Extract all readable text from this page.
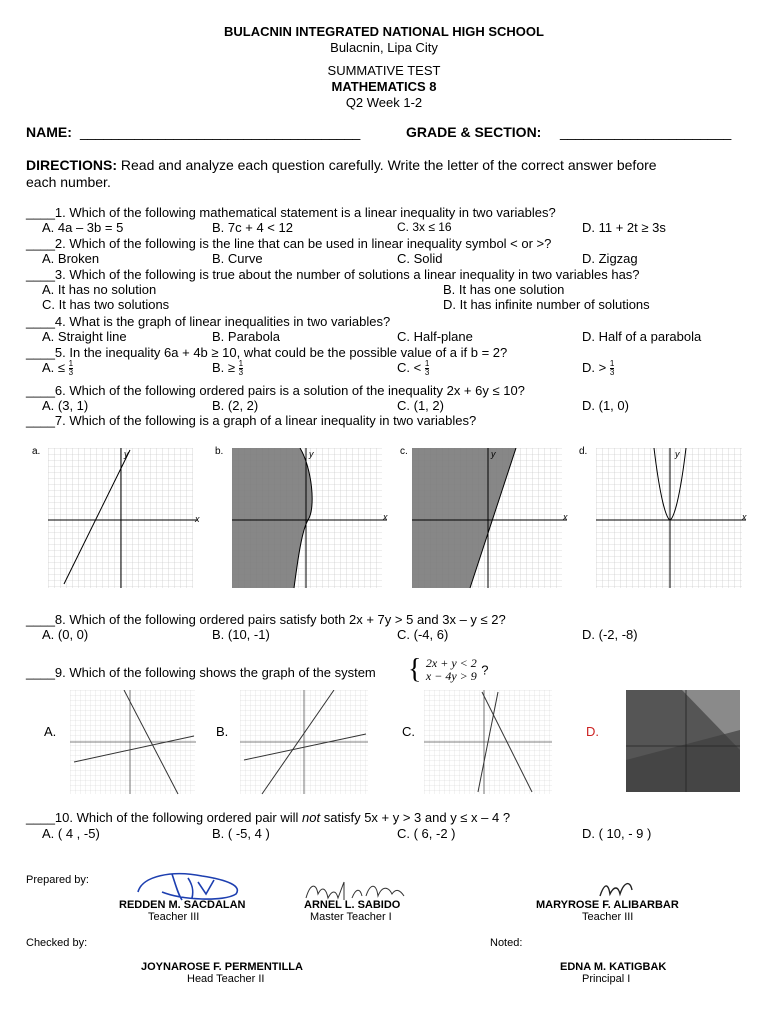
BULACNIN INTEGRATED NATIONAL HIGH SCHOOL
Bulacnin, Lipa City
SUMMATIVE TEST
MATHEMATICS 8
Q2 Week 1-2
NAME: ____________________________________	GRADE & SECTION: ______________________
DIRECTIONS: Read and analyze each question carefully. Write the letter of the correct answer before
each number.
____1. Which of the following mathematical statement is a linear inequality in two variables?
A. 4a – 3b = 5	B. 7c + 4 < 12	C. 3x ≤ 16	D. 11 + 2t ≥ 3s
____2. Which of the following is the line that can be used in linear inequality symbol < or >?
A. Broken	B. Curve	C. Solid	D. Zigzag
____3. Which of the following is true about the number of solutions a linear inequality in two variables has?
A. It has no solution	B. It has one solution
C. It has two solutions	D. It has infinite number of solutions
____4. What is the graph of linear inequalities in two variables?
A. Straight line	B. Parabola	C. Half-plane	D. Half of a parabola
____5. In the inequality 6a + 4b ≥ 10, what could be the possible value of a if b = 2?
A. ≤ $\frac{1}{3}$	B. ≥ $\frac{1}{3}$	C. < $\frac{1}{3}$	D. > $\frac{1}{3}$
____6. Which of the following ordered pairs is a solution of the inequality 2x + 6y ≤ 10?
A. (3, 1)	B. (2, 2)	C. (1, 2)	D. (1, 0)
____7. Which of the following is a graph of a linear inequality in two variables?
a.	b.	c.	d.
x
y
x
y
x
y
x
y
____8. Which of the following ordered pairs satisfy both 2x + 7y > 5 and 3x – y ≤ 2?
A. (0, 0)	B. (10, -1)	C. (-4, 6)	D. (-2, -8)
____9. Which of the following shows the graph of the system { 2x + y < 2
x − 4y > 9 ?
A.	B.	C.	D.
____10. Which of the following ordered pair will not satisfy 5x + y > 3 and y ≤ x – 4 ?
A. ( 4 , -5)	B. ( -5, 4 )	C. ( 6, -2 )	D. ( 10, - 9 )
Prepared by:
REDDEN M. SACDALAN
Teacher III
ARNEL L. SABIDO
Master Teacher I
MARYROSE F. ALIBARBAR
Teacher III
Checked by:	Noted:
JOYNAROSE F. PERMENTILLA
Head Teacher II
EDNA M. KATIGBAK
Principal I
